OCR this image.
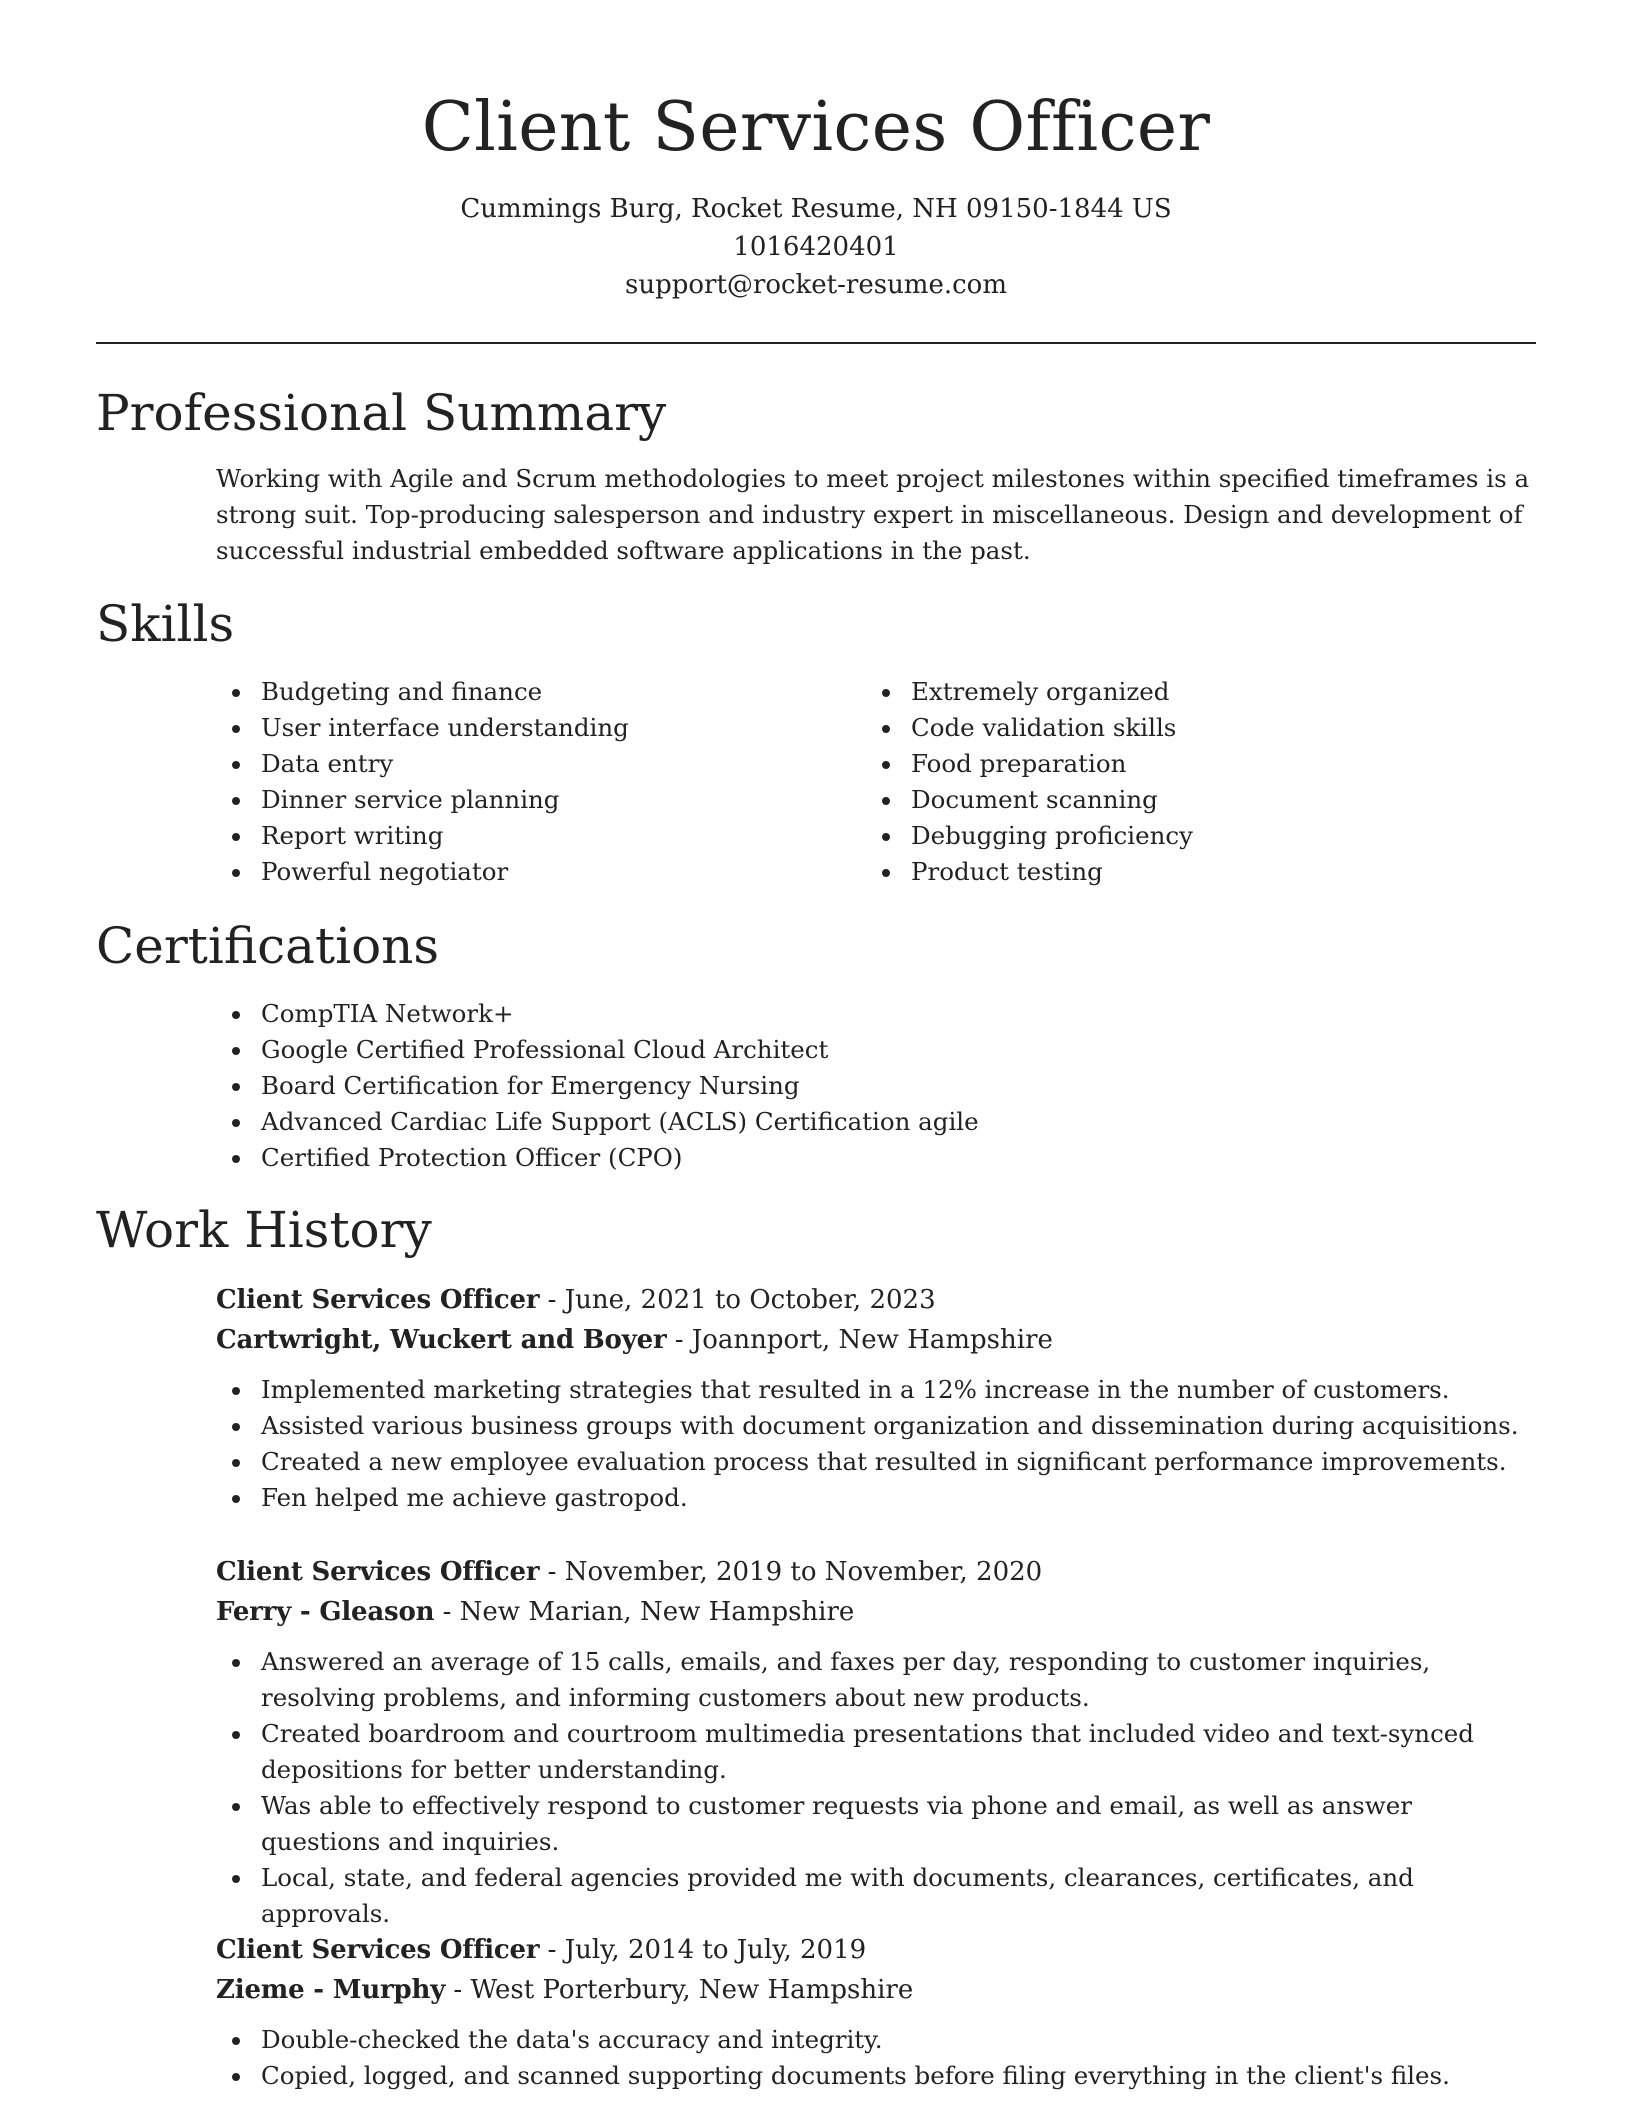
Client Services Officer
Cummings Burg, Rocket Resume, NH 09150-1844 US
1016420401
support@rocket-resume.com
Professional Summary

Working with Agile and Scrum methodologies to meet project milestones within specified timeframes is a strong suit. Top-producing salesperson and industry expert in miscellaneous. Design and development of successful industrial embedded software applications in the past.

Skills
Budgeting and finance
User interface understanding
Data entry
Dinner service planning
Report writing
Powerful negotiator
Extremely organized
Code validation skills
Food preparation
Document scanning
Debugging proficiency
Product testing
Certifications
CompTIA Network+
Google Certified Professional Cloud Architect
Board Certification for Emergency Nursing
Advanced Cardiac Life Support (ACLS) Certification agile
Certified Protection Officer (CPO)
Work History
Client Services Officer - June, 2021 to October, 2023
Cartwright, Wuckert and Boyer - Joannport, New Hampshire
Implemented marketing strategies that resulted in a 12% increase in the number of customers.
Assisted various business groups with document organization and dissemination during acquisitions.
Created a new employee evaluation process that resulted in significant performance improvements.
Fen helped me achieve gastropod.
Client Services Officer - November, 2019 to November, 2020
Ferry - Gleason - New Marian, New Hampshire
Answered an average of 15 calls, emails, and faxes per day, responding to customer inquiries, resolving problems, and informing customers about new products.
Created boardroom and courtroom multimedia presentations that included video and text-synced depositions for better understanding.
Was able to effectively respond to customer requests via phone and email, as well as answer questions and inquiries.
Local, state, and federal agencies provided me with documents, clearances, certificates, and approvals.
Client Services Officer - July, 2014 to July, 2019
Zieme - Murphy - West Porterbury, New Hampshire
Double-checked the data's accuracy and integrity.
Copied, logged, and scanned supporting documents before filing everything in the client's files.
